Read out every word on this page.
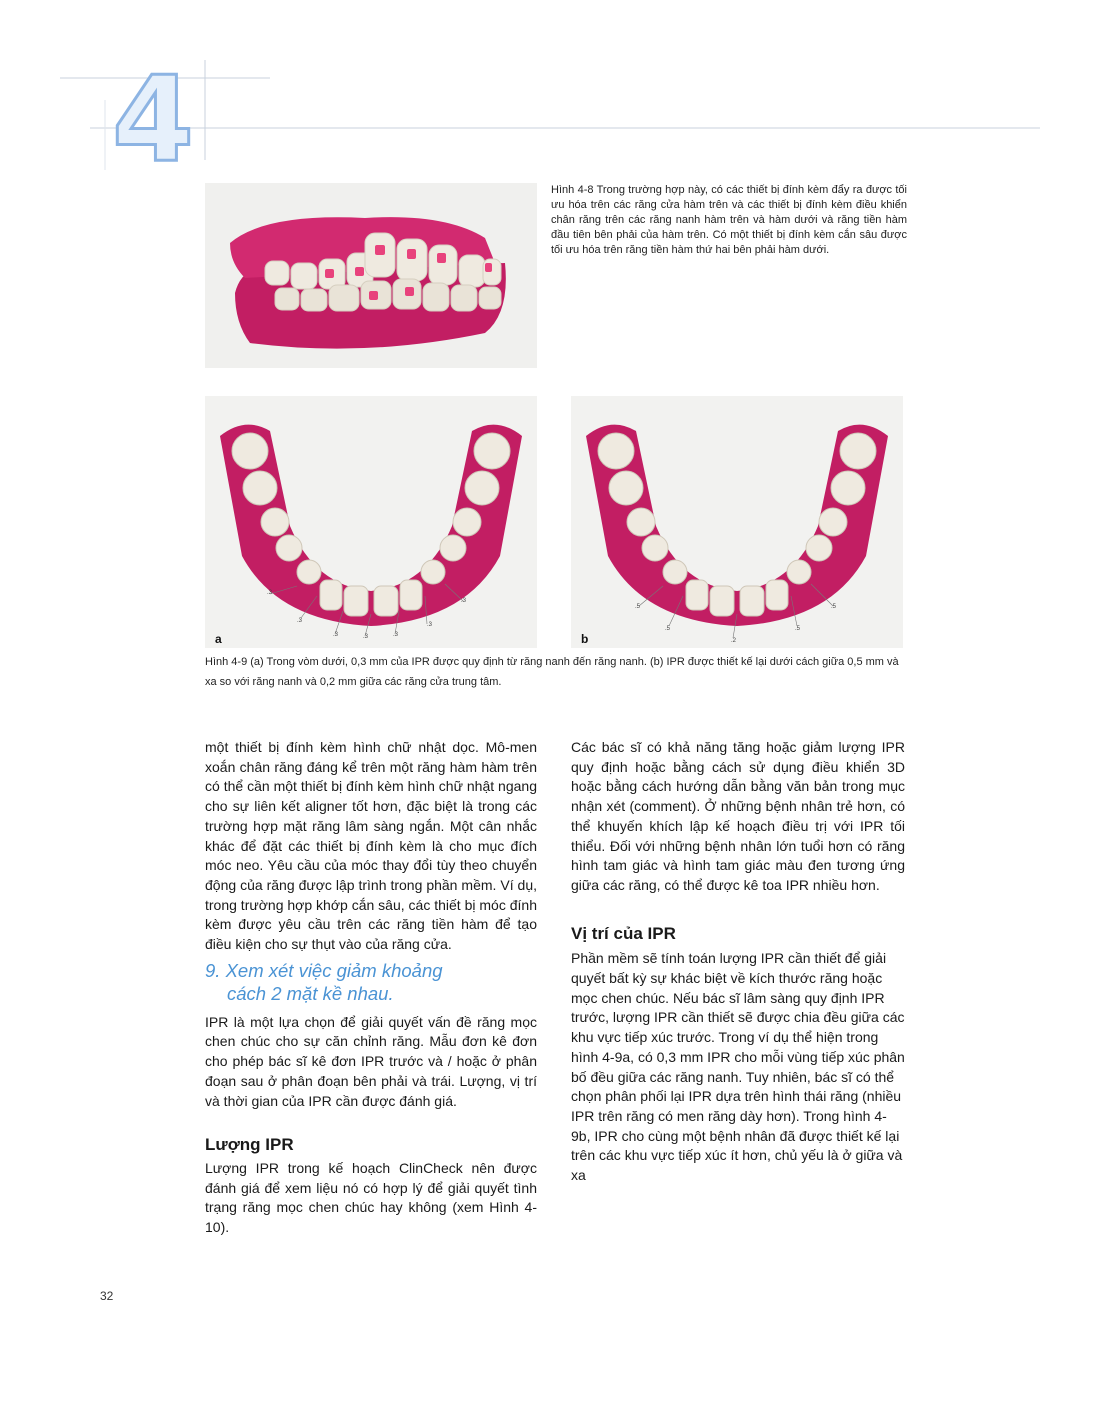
4
Hình 4-8 Trong trường hợp này, có các thiết bị đính kèm đẩy ra được tối ưu hóa trên các răng cửa hàm trên và các thiết bị đính kèm điều khiển chân răng trên các răng nanh hàm trên và hàm dưới và răng tiền hàm đầu tiên bên phải của hàm trên. Có một thiết bị đính kèm cắn sâu được tối ưu hóa trên răng tiền hàm thứ hai bên phải hàm dưới.
.3
.3
.3	.3	.3
.3
.3
a
.5
.5
.2
.5
.5
b
Hình 4-9 (a) Trong vòm dưới, 0,3 mm của IPR được quy định từ răng nanh đến răng nanh. (b) IPR được thiết kế lại dưới cách giữa 0,5 mm và xa so với răng nanh và 0,2 mm giữa các răng cửa trung tâm.

một thiết bị đính kèm hình chữ nhật dọc. Mô-men xoắn chân răng đáng kể trên một răng hàm hàm trên có thể cần một thiết bị đính kèm hình chữ nhật ngang cho sự liên kết aligner tốt hơn, đặc biệt là trong các trường hợp mặt răng lâm sàng ngắn. Một cân nhắc khác để đặt các thiết bị đính kèm là cho mục đích móc neo. Yêu cầu của móc thay đổi tùy theo chuyển động của răng được lập trình trong phần mềm. Ví dụ, trong trường hợp khớp cắn sâu, các thiết bị móc đính kèm được yêu cầu trên các răng tiền hàm để tạo điều kiện cho sự thụt vào của răng cửa.

9. Xem xét việc giảm khoảng
cách 2 mặt kề nhau.

IPR là một lựa chọn để giải quyết vấn đề răng mọc chen chúc cho sự căn chỉnh răng. Mẫu đơn kê đơn cho phép bác sĩ kê đơn IPR trước và / hoặc ở phân đoạn sau ở phân đoạn bên phải và trái. Lượng, vị trí và thời gian của IPR cần được đánh giá.

Lượng IPR

Lượng IPR trong kế hoạch ClinCheck nên được đánh giá để xem liệu nó có hợp lý để giải quyết tình trạng răng mọc chen chúc hay không (xem Hình 4-10).

Các bác sĩ có khả năng tăng hoặc giảm lượng IPR quy định hoặc bằng cách sử dụng điều khiển 3D hoặc bằng cách hướng dẫn bằng văn bản trong mục nhận xét (comment). Ở những bệnh nhân trẻ hơn, có thể khuyến khích lập kế hoạch điều trị với IPR tối thiểu. Đối với những bệnh nhân lớn tuổi hơn có răng hình tam giác và hình tam giác màu đen tương ứng giữa các răng, có thể được kê toa IPR nhiều hơn.

Vị trí của IPR

Phần mềm sẽ tính toán lượng IPR cần thiết để giải quyết bất kỳ sự khác biệt về kích thước răng hoặc mọc chen chúc. Nếu bác sĩ lâm sàng quy định IPR trước, lượng IPR cần thiết sẽ được chia đều giữa các khu vực tiếp xúc trước. Trong ví dụ thể hiện trong hình 4-9a, có 0,3 mm IPR cho mỗi vùng tiếp xúc phân bố đều giữa các răng nanh. Tuy nhiên, bác sĩ có thể chọn phân phối lại IPR dựa trên hình thái răng (nhiều IPR trên răng có men răng dày hơn). Trong hình 4-9b, IPR cho cùng một bệnh nhân đã được thiết kế lại trên các khu vực tiếp xúc ít hơn, chủ yếu là ở giữa và xa

32
